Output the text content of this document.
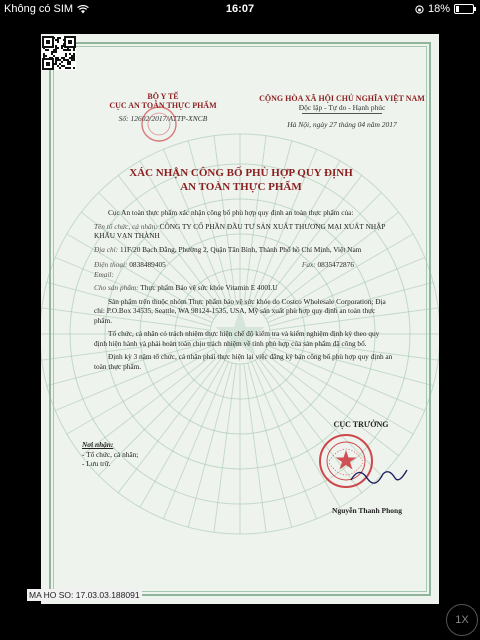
Không có SIM	16:07	18%
BỘ Y TẾ
CỤC AN TOÀN THỰC PHẨM
Số: 12602/2017/ATTP-XNCB
CỘNG HÒA XÃ HỘI CHỦ NGHĨA VIỆT NAM
Độc lập - Tự do - Hạnh phúc
Hà Nội, ngày 27 tháng 04 năm 2017
XÁC NHẬN CÔNG BỐ PHÙ HỢP QUY ĐỊNH
AN TOÀN THỰC PHẨM

Cục An toàn thực phẩm xác nhận công bố phù hợp quy định an toàn thực phẩm của:

Tên tổ chức, cá nhân: CÔNG TY CỔ PHẦN ĐẦU TƯ SẢN XUẤT THƯƠNG MẠI XUẤT NHẬP KHẨU VẠN THÀNH

Địa chỉ: 11F/20 Bạch Đằng, Phường 2, Quận Tân Bình, Thành Phố hồ Chí Minh, Việt Nam

Điện thoại: 0838489405	Fax: 0835472876

Email:

Cho sản phẩm: Thực phẩm Bảo vệ sức khỏe Vitamin E 400I.U

Sản phẩm trên thuộc nhóm Thực phẩm bảo vệ sức khỏe do Costco Wholesale Corporation; Địa chỉ: P.O.Box 34535, Seattle, WA 98124-1535, USA, Mỹ sản xuất phù hợp quy định an toàn thực phẩm.

Tổ chức, cá nhân có trách nhiệm thực hiện chế độ kiểm tra và kiểm nghiệm định kỳ theo quy định hiện hành và phải hoàn toàn chịu trách nhiệm về tính phù hợp của sản phẩm đã công bố.

Định kỳ 3 năm tổ chức, cá nhân phải thực hiện lại việc đăng ký bản công bố phù hợp quy định an toàn thực phẩm.

Nơi nhận:
- Tổ chức, cá nhân;
- Lưu trữ.
CỤC TRƯỞNG
Nguyễn Thanh Phong
MA HO SO: 17.03.03.188091
1X
